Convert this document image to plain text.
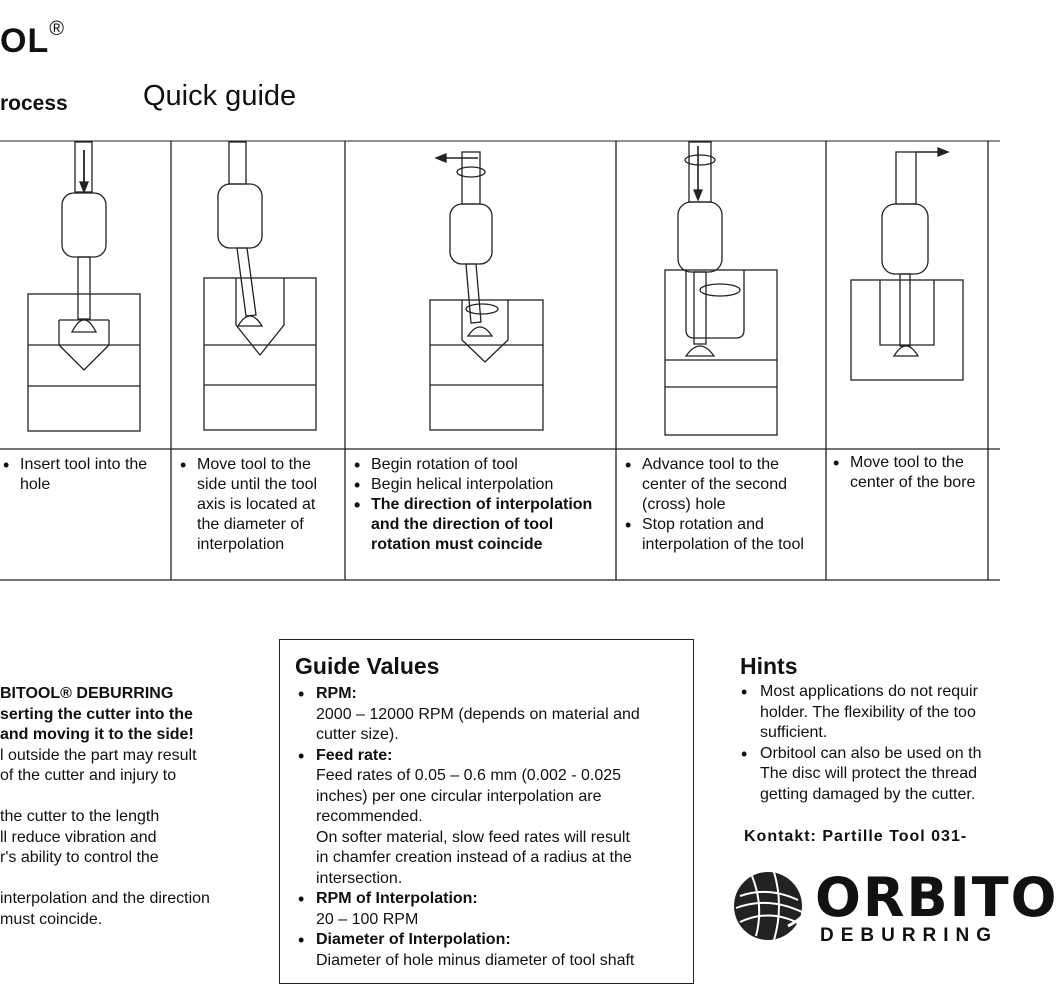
OL®
rocess	Quick guide
• Insert tool into the hole
• Move tool to the side until the tool axis is located at the diameter of interpolation
• Begin rotation of tool
• Begin helical interpolation
• The direction of interpolation and the direction of tool rotation must coincide
• Advance tool to the center of the second (cross) hole
• Stop rotation and interpolation of the tool
• Move tool to the center of the bore
BITOOL® DEBURRING
serting the cutter into the
and moving it to the side!
l outside the part may result
of the cutter and injury to
the cutter to the length
ll reduce vibration and
r's ability to control the
interpolation and the direction
must coincide.
Guide Values
• RPM:
2000 – 12000 RPM (depends on material and
cutter size).
• Feed rate:
Feed rates of 0.05 – 0.6 mm (0.002 - 0.025
inches) per one circular interpolation are
recommended.
On softer material, slow feed rates will result
in chamfer creation instead of a radius at the
intersection.
• RPM of Interpolation:
20 – 100 RPM
• Diameter of Interpolation:
Diameter of hole minus diameter of tool shaft
Hints
• Most applications do not requir
holder. The flexibility of the too
sufficient.
• Orbitool can also be used on th
The disc will protect the thread
getting damaged by the cutter.
Kontakt: Partille Tool 031-
ORBITO
DEBURRING
